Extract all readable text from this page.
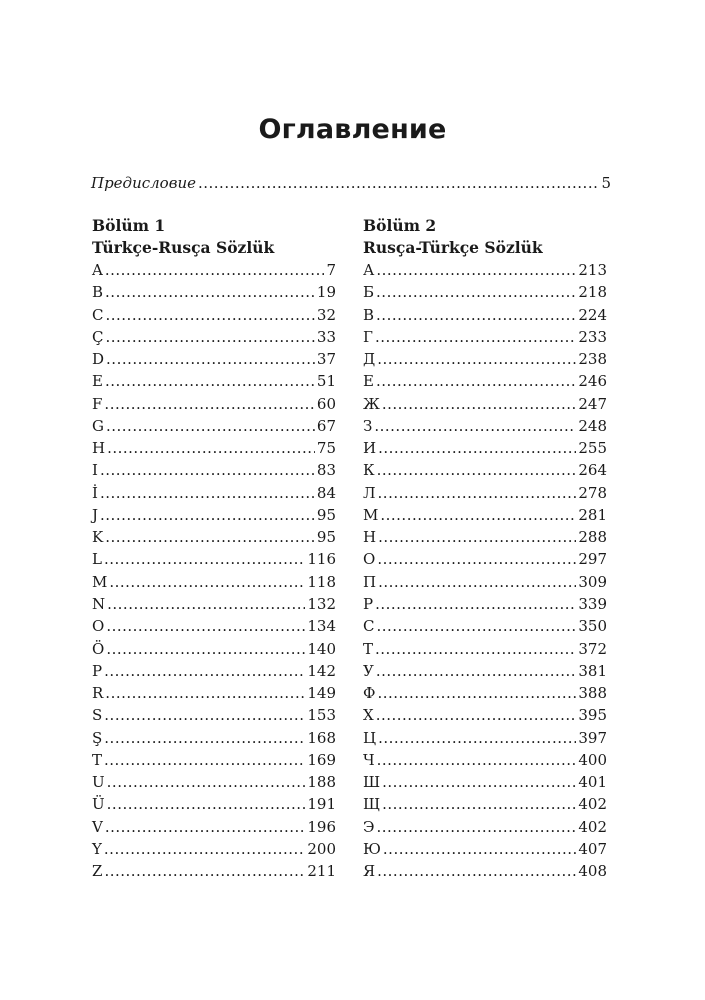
Оглавление
Предисловие .....	5
Bölüm 1
Türkçe-Rusça Sözlük
A .....	7
B .....	19
C .....	32
Ç .....	33
D .....	37
E .....	51
F .....	60
G .....	67
H .....	75
I .....	83
İ .....	84
J .....	95
K .....	95
L .....	116
M .....	118
N .....	132
O .....	134
Ö .....	140
P .....	142
R .....	149
S .....	153
Ş .....	168
T .....	169
U .....	188
Ü .....	191
V .....	196
Y .....	200
Z .....	211
Bölüm 2
Rusça-Türkçe Sözlük
А .....	213
Б .....	218
В .....	224
Г .....	233
Д .....	238
Е .....	246
Ж .....	247
З .....	248
И .....	255
К .....	264
Л .....	278
М .....	281
Н .....	288
О .....	297
П .....	309
Р .....	339
С .....	350
Т .....	372
У .....	381
Ф .....	388
Х .....	395
Ц .....	397
Ч .....	400
Ш .....	401
Щ .....	402
Э .....	402
Ю .....	407
Я .....	408
